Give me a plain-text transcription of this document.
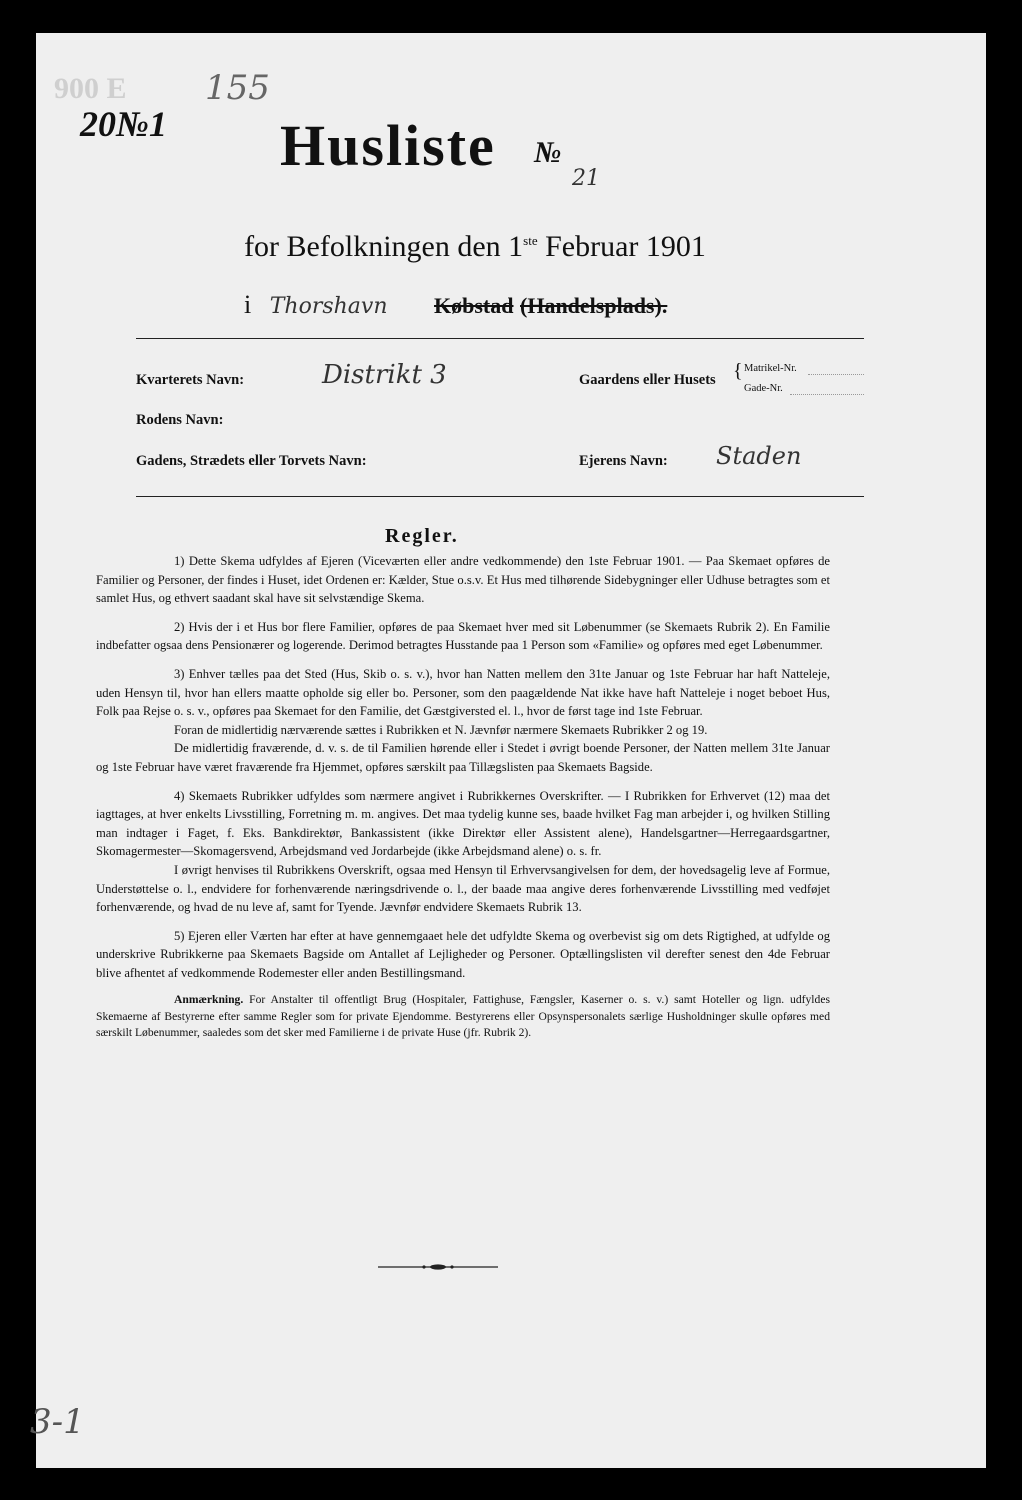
900 E 155
20№1 Husliste	№
21
for Befolkningen den 1ste Februar 1901
i Thorshavn Købstad (Handelsplads).
Kvarterets Navn:	Distrikt 3	Gaardens eller Husets { Matrikel-Nr.
Gade-Nr.
Rodens Navn:
Gadens, Strædets eller Torvets Navn:	Ejerens Navn: Staden
Regler.

1) Dette Skema udfyldes af Ejeren (Viceværten eller andre vedkommende) den 1ste Februar 1901. — Paa Skemaet opføres de Familier og Personer, der findes i Huset, idet Ordenen er: Kælder, Stue o.s.v. Et Hus med tilhørende Sidebygninger eller Udhuse betragtes som et samlet Hus, og ethvert saadant skal have sit selvstændige Skema.

2) Hvis der i et Hus bor flere Familier, opføres de paa Skemaet hver med sit Løbenummer (se Skemaets Rubrik 2). En Familie indbefatter ogsaa dens Pensionærer og logerende. Derimod betragtes Husstande paa 1 Person som «Familie» og opføres med eget Løbenummer.

3) Enhver tælles paa det Sted (Hus, Skib o. s. v.), hvor han Natten mellem den 31te Januar og 1ste Februar har haft Natteleje, uden Hensyn til, hvor han ellers maatte opholde sig eller bo. Personer, som den paagældende Nat ikke have haft Natteleje i noget beboet Hus, Folk paa Rejse o. s. v., opføres paa Skemaet for den Familie, det Gæstgiversted el. l., hvor de først tage ind 1ste Februar.

Foran de midlertidig nærværende sættes i Rubrikken et N. Jævnfør nærmere Skemaets Rubrikker 2 og 19.

De midlertidig fraværende, d. v. s. de til Familien hørende eller i Stedet i øvrigt boende Personer, der Natten mellem 31te Januar og 1ste Februar have været fraværende fra Hjemmet, opføres særskilt paa Tillægslisten paa Skemaets Bagside.

4) Skemaets Rubrikker udfyldes som nærmere angivet i Rubrikkernes Overskrifter. — I Rubrikken for Erhvervet (12) maa det iagttages, at hver enkelts Livsstilling, Forretning m. m. angives. Det maa tydelig kunne ses, baade hvilket Fag man arbejder i, og hvilken Stilling man indtager i Faget, f. Eks. Bankdirektør, Bankassistent (ikke Direktør eller Assistent alene), Handelsgartner—Herregaardsgartner, Skomagermester—Skomagersvend, Arbejdsmand ved Jordarbejde (ikke Arbejdsmand alene) o. s. fr.

I øvrigt henvises til Rubrikkens Overskrift, ogsaa med Hensyn til Erhvervsangivelsen for dem, der hovedsagelig leve af Formue, Understøttelse o. l., endvidere for forhenværende næringsdrivende o. l., der baade maa angive deres forhenværende Livsstilling med vedføjet forhenværende, og hvad de nu leve af, samt for Tyende. Jævnfør endvidere Skemaets Rubrik 13.

5) Ejeren eller Værten har efter at have gennemgaaet hele det udfyldte Skema og overbevist sig om dets Rigtighed, at udfylde og underskrive Rubrikkerne paa Skemaets Bagside om Antallet af Lejligheder og Personer. Optællingslisten vil derefter senest den 4de Februar blive afhentet af vedkommende Rodemester eller anden Bestillingsmand.

Anmærkning. For Anstalter til offentligt Brug (Hospitaler, Fattighuse, Fængsler, Kaserner o. s. v.) samt Hoteller og lign. udfyldes Skemaerne af Bestyrerne efter samme Regler som for private Ejendomme. Bestyrerens eller Opsynspersonalets særlige Husholdninger skulle opføres med særskilt Løbenummer, saaledes som det sker med Familierne i de private Huse (jfr. Rubrik 2).

3-1
